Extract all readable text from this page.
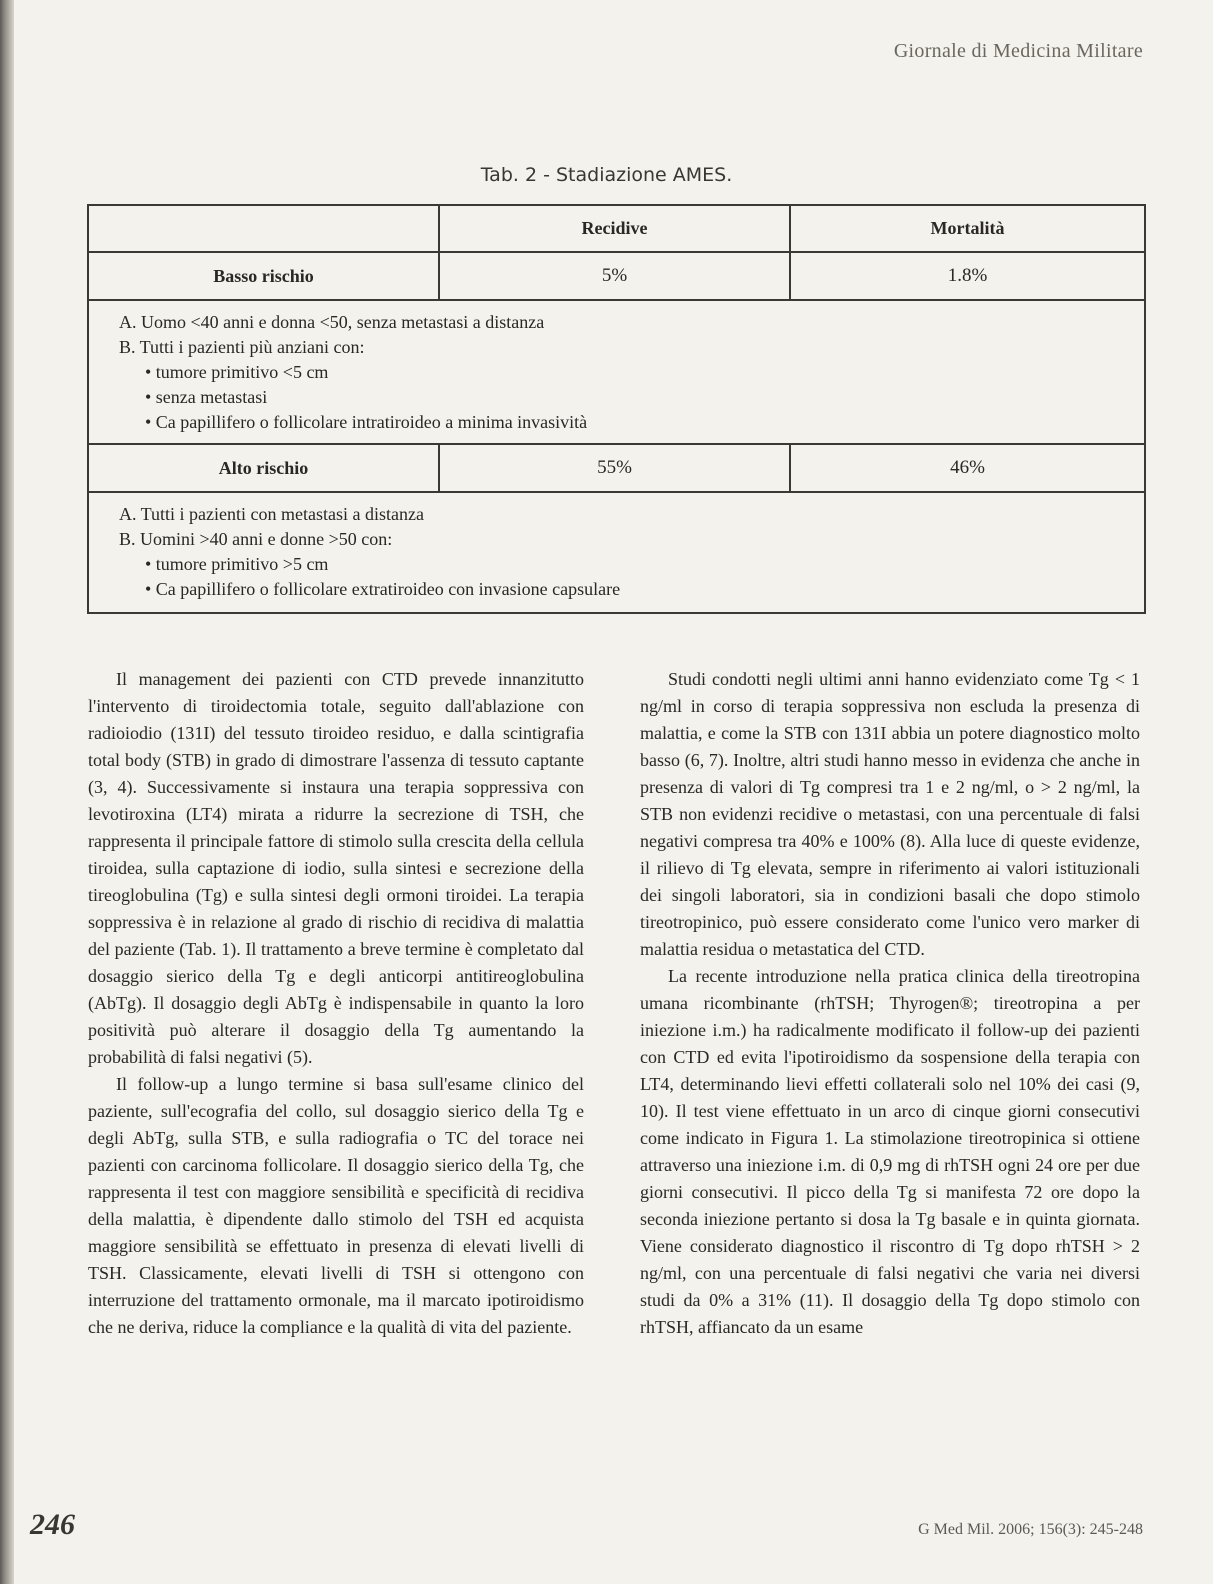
Giornale di Medicina Militare
Tab. 2 - Stadiazione AMES.
Recidive	Mortalità
Basso rischio	5%	1.8%
A. Uomo <40 anni e donna <50, senza metastasi a distanza
B. Tutti i pazienti più anziani con:
• tumore primitivo <5 cm
• senza metastasi
• Ca papillifero o follicolare intratiroideo a minima invasività
Alto rischio	55%	46%
A. Tutti i pazienti con metastasi a distanza
B. Uomini >40 anni e donne >50 con:
• tumore primitivo >5 cm
• Ca papillifero o follicolare extratiroideo con invasione capsulare

Il management dei pazienti con CTD prevede innanzitutto l'intervento di tiroidectomia totale, seguito dall'ablazione con radioiodio (131I) del tessuto tiroideo residuo, e dalla scintigrafia total body (STB) in grado di dimostrare l'assenza di tessuto captante (3, 4). Successivamente si instaura una terapia soppressiva con levotiroxina (LT4) mirata a ridurre la secrezione di TSH, che rappresenta il principale fattore di stimolo sulla crescita della cellula tiroidea, sulla captazione di iodio, sulla sintesi e secrezione della tireoglobulina (Tg) e sulla sintesi degli ormoni tiroidei. La terapia soppressiva è in relazione al grado di rischio di recidiva di malattia del paziente (Tab. 1). Il trattamento a breve termine è completato dal dosaggio sierico della Tg e degli anticorpi antitireoglobulina (AbTg). Il dosaggio degli AbTg è indispensabile in quanto la loro positività può alterare il dosaggio della Tg aumentando la probabilità di falsi negativi (5).

Il follow-up a lungo termine si basa sull'esame clinico del paziente, sull'ecografia del collo, sul dosaggio sierico della Tg e degli AbTg, sulla STB, e sulla radiografia o TC del torace nei pazienti con carcinoma follicolare. Il dosaggio sierico della Tg, che rappresenta il test con maggiore sensibilità e specificità di recidiva della malattia, è dipendente dallo stimolo del TSH ed acquista maggiore sensibilità se effettuato in presenza di elevati livelli di TSH. Classicamente, elevati livelli di TSH si ottengono con interruzione del trattamento ormonale, ma il marcato ipotiroidismo che ne deriva, riduce la compliance e la qualità di vita del paziente.

Studi condotti negli ultimi anni hanno evidenziato come Tg < 1 ng/ml in corso di terapia soppressiva non escluda la presenza di malattia, e come la STB con 131I abbia un potere diagnostico molto basso (6, 7). Inoltre, altri studi hanno messo in evidenza che anche in presenza di valori di Tg compresi tra 1 e 2 ng/ml, o > 2 ng/ml, la STB non evidenzi recidive o metastasi, con una percentuale di falsi negativi compresa tra 40% e 100% (8). Alla luce di queste evidenze, il rilievo di Tg elevata, sempre in riferimento ai valori istituzionali dei singoli laboratori, sia in condizioni basali che dopo stimolo tireotropinico, può essere considerato come l'unico vero marker di malattia residua o metastatica del CTD.

La recente introduzione nella pratica clinica della tireotropina umana ricombinante (rhTSH; Thyrogen®; tireotropina a per iniezione i.m.) ha radicalmente modificato il follow-up dei pazienti con CTD ed evita l'ipotiroidismo da sospensione della terapia con LT4, determinando lievi effetti collaterali solo nel 10% dei casi (9, 10). Il test viene effettuato in un arco di cinque giorni consecutivi come indicato in Figura 1. La stimolazione tireotropinica si ottiene attraverso una iniezione i.m. di 0,9 mg di rhTSH ogni 24 ore per due giorni consecutivi. Il picco della Tg si manifesta 72 ore dopo la seconda iniezione pertanto si dosa la Tg basale e in quinta giornata. Viene considerato diagnostico il riscontro di Tg dopo rhTSH > 2 ng/ml, con una percentuale di falsi negativi che varia nei diversi studi da 0% a 31% (11). Il dosaggio della Tg dopo stimolo con rhTSH, affiancato da un esame

246	G Med Mil. 2006; 156(3): 245-248
